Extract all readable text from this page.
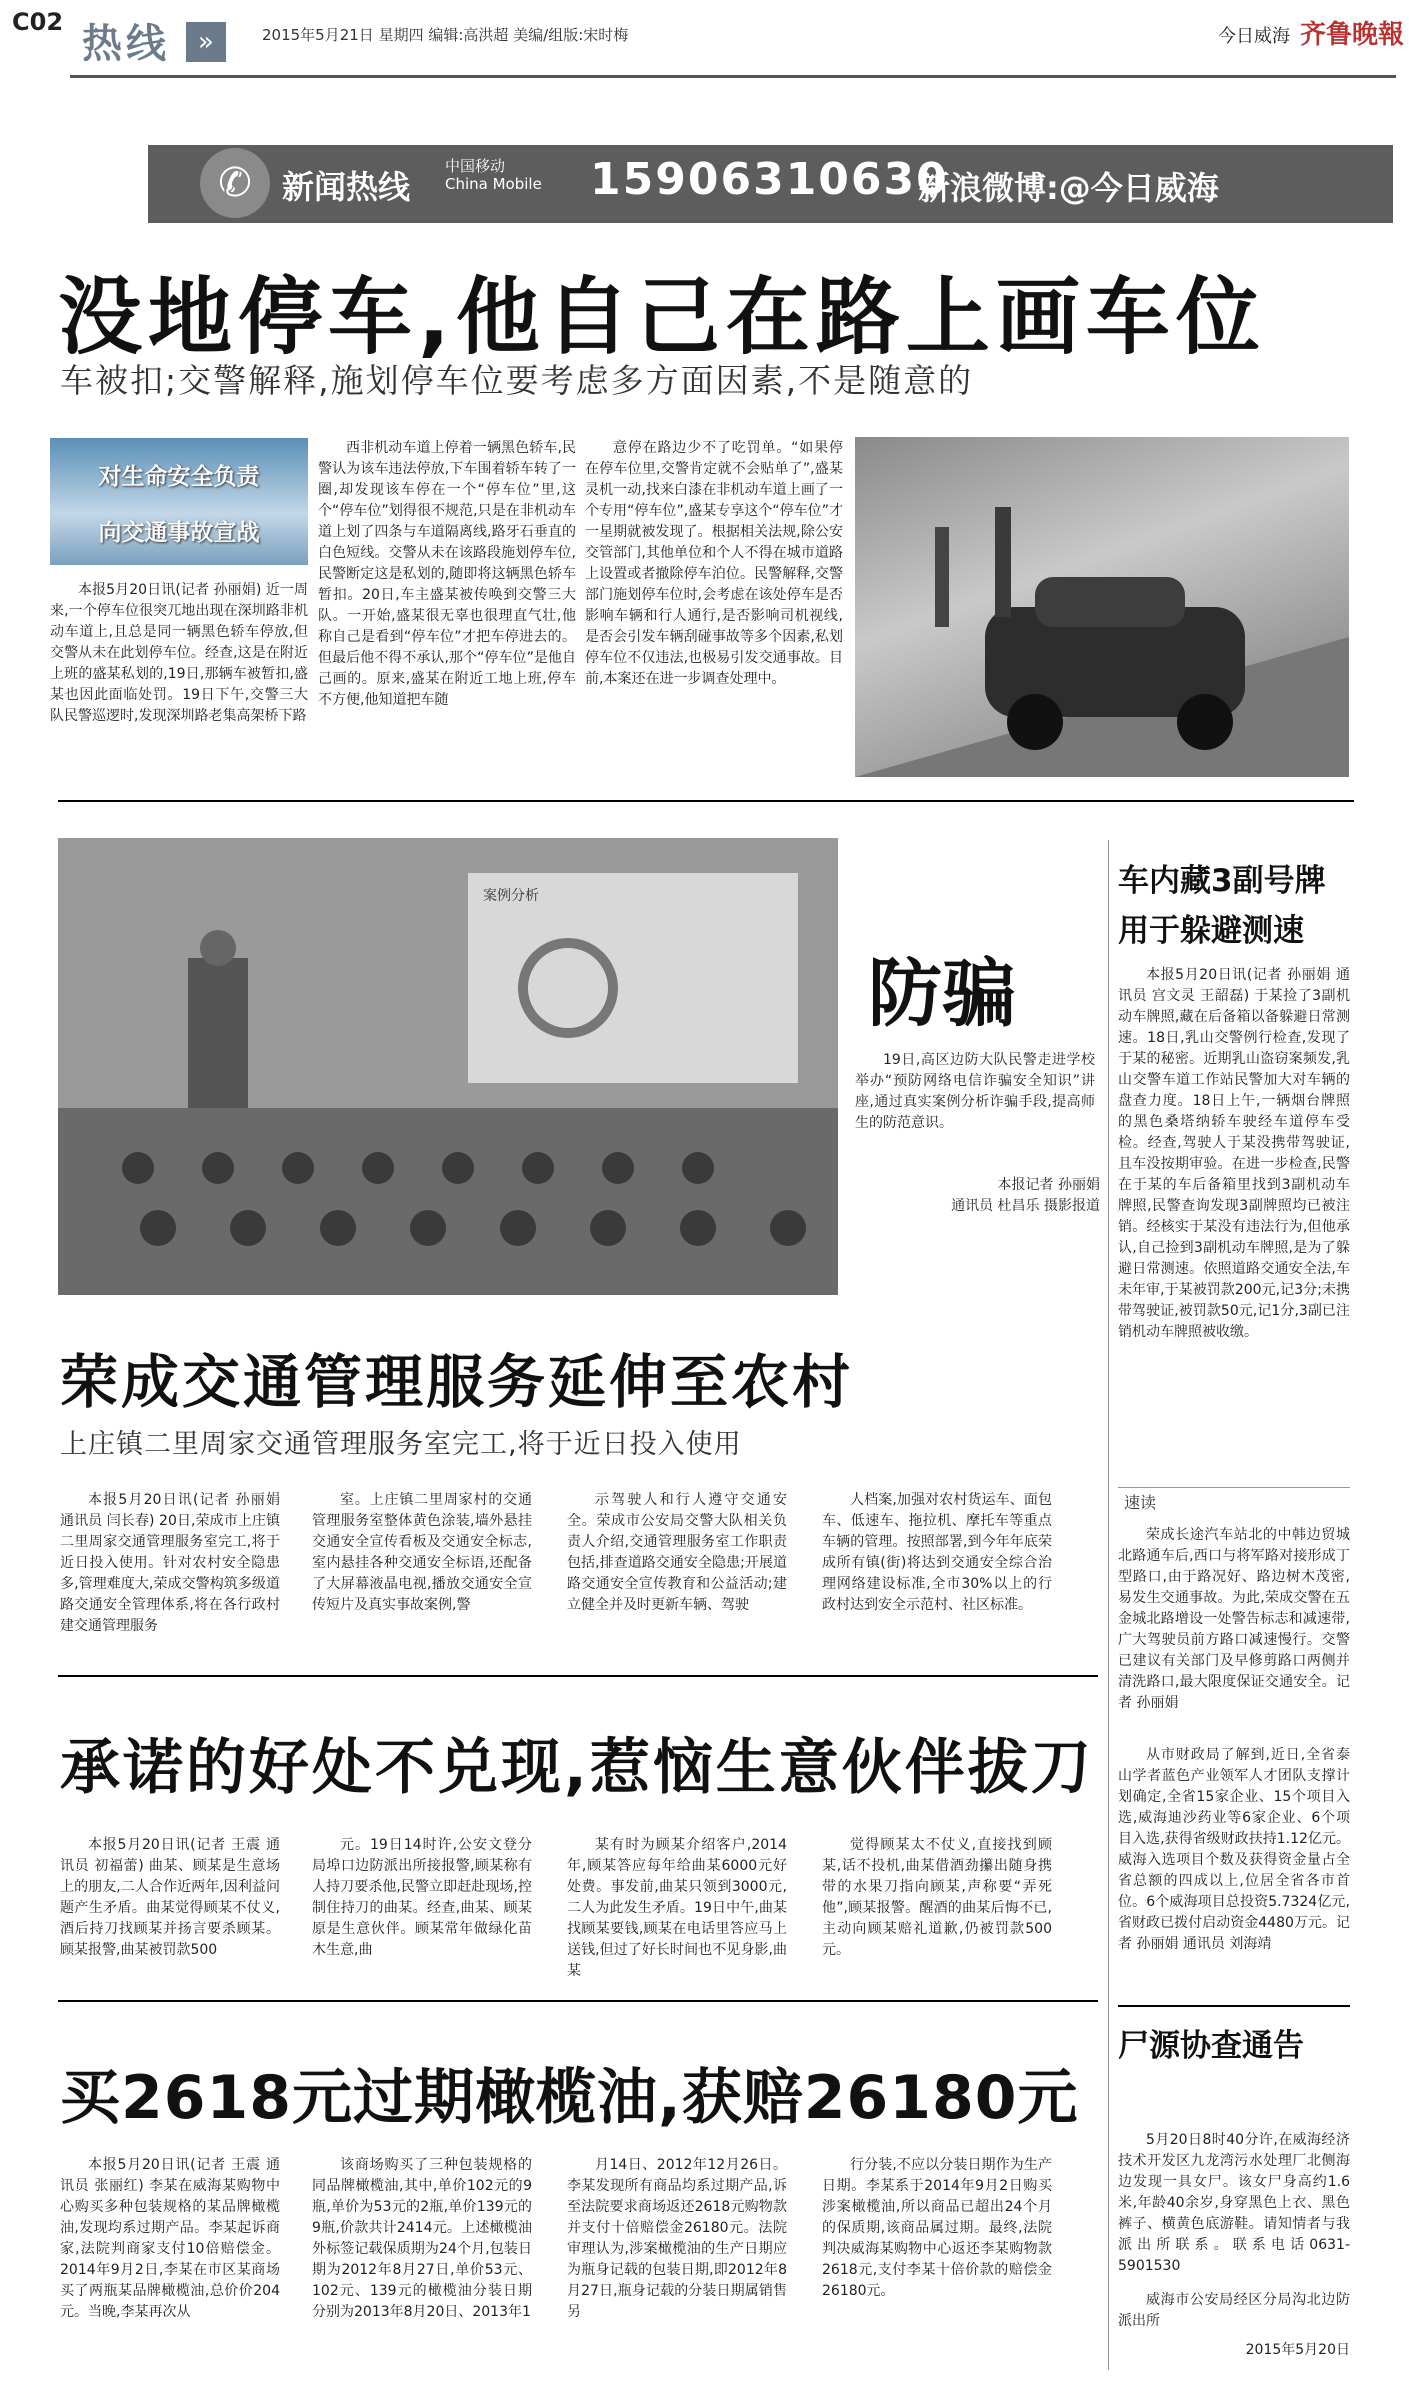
C02 热线	»	2015年5月21日 星期四 编辑:高洪超 美编/组版:宋时梅	今日威海 齐鲁晚報
✆ 新闻热线
中国移动
China Mobile 15906310630
新浪微博:@今日威海
没地停车,他自己在路上画车位
车被扣;交警解释,施划停车位要考虑多方面因素,不是随意的
对生命安全负责
向交通事故宣战

本报5月20日讯(记者 孙丽娟) 近一周来,一个停车位很突兀地出现在深圳路非机动车道上,且总是同一辆黑色轿车停放,但交警从未在此划停车位。经查,这是在附近上班的盛某私划的,19日,那辆车被暂扣,盛某也因此面临处罚。19日下午,交警三大队民警巡逻时,发现深圳路老集高架桥下路

西非机动车道上停着一辆黑色轿车,民警认为该车违法停放,下车围着轿车转了一圈,却发现该车停在一个“停车位”里,这个“停车位”划得很不规范,只是在非机动车道上划了四条与车道隔离线,路牙石垂直的白色短线。交警从未在该路段施划停车位,民警断定这是私划的,随即将这辆黑色轿车暂扣。20日,车主盛某被传唤到交警三大队。一开始,盛某很无辜也很理直气壮,他称自己是看到“停车位”才把车停进去的。但最后他不得不承认,那个“停车位”是他自己画的。原来,盛某在附近工地上班,停车不方便,他知道把车随

意停在路边少不了吃罚单。“如果停在停车位里,交警肯定就不会贴单了”,盛某灵机一动,找来白漆在非机动车道上画了一个专用“停车位”,盛某专享这个“停车位”才一星期就被发现了。根据相关法规,除公安交管部门,其他单位和个人不得在城市道路上设置或者撤除停车泊位。民警解释,交警部门施划停车位时,会考虑在该处停车是否影响车辆和行人通行,是否影响司机视线,是否会引发车辆刮碰事故等多个因素,私划停车位不仅违法,也极易引发交通事故。目前,本案还在进一步调查处理中。

案例分析
防骗

19日,高区边防大队民警走进学校举办“预防网络电信诈骗安全知识”讲座,通过真实案例分析诈骗手段,提高师生的防范意识。

本报记者 孙丽娟
通讯员 杜昌乐 摄影报道
荣成交通管理服务延伸至农村
上庄镇二里周家交通管理服务室完工,将于近日投入使用

本报5月20日讯(记者 孙丽娟 通讯员 闫长春) 20日,荣成市上庄镇二里周家交通管理服务室完工,将于近日投入使用。针对农村安全隐患多,管理难度大,荣成交警构筑多级道路交通安全管理体系,将在各行政村建交通管理服务

室。上庄镇二里周家村的交通管理服务室整体黄色涂装,墙外悬挂交通安全宣传看板及交通安全标志,室内悬挂各种交通安全标语,还配备了大屏幕液晶电视,播放交通安全宣传短片及真实事故案例,警

示驾驶人和行人遵守交通安全。荣成市公安局交警大队相关负责人介绍,交通管理服务室工作职责包括,排查道路交通安全隐患;开展道路交通安全宣传教育和公益活动;建立健全并及时更新车辆、驾驶

人档案,加强对农村货运车、面包车、低速车、拖拉机、摩托车等重点车辆的管理。按照部署,到今年年底荣成所有镇(街)将达到交通安全综合治理网络建设标准,全市30%以上的行政村达到安全示范村、社区标准。

承诺的好处不兑现,惹恼生意伙伴拔刀

本报5月20日讯(记者 王震 通讯员 初福蕾) 曲某、顾某是生意场上的朋友,二人合作近两年,因利益问题产生矛盾。曲某觉得顾某不仗义,酒后持刀找顾某并扬言要杀顾某。顾某报警,曲某被罚款500

元。19日14时许,公安文登分局埠口边防派出所接报警,顾某称有人持刀要杀他,民警立即赶赴现场,控制住持刀的曲某。经查,曲某、顾某原是生意伙伴。顾某常年做绿化苗木生意,曲

某有时为顾某介绍客户,2014年,顾某答应每年给曲某6000元好处费。事发前,曲某只领到3000元,二人为此发生矛盾。19日中午,曲某找顾某要钱,顾某在电话里答应马上送钱,但过了好长时间也不见身影,曲某

觉得顾某太不仗义,直接找到顾某,话不投机,曲某借酒劲攥出随身携带的水果刀指向顾某,声称要“弄死他”,顾某报警。醒酒的曲某后悔不已,主动向顾某赔礼道歉,仍被罚款500元。

买2618元过期橄榄油,获赔26180元

本报5月20日讯(记者 王震 通讯员 张丽红) 李某在威海某购物中心购买多种包装规格的某品牌橄榄油,发现均系过期产品。李某起诉商家,法院判商家支付10倍赔偿金。2014年9月2日,李某在市区某商场买了两瓶某品牌橄榄油,总价价204元。当晚,李某再次从

该商场购买了三种包装规格的同品牌橄榄油,其中,单价102元的9瓶,单价为53元的2瓶,单价139元的9瓶,价款共计2414元。上述橄榄油外标签记载保质期为24个月,包装日期为2012年8月27日,单价53元、102元、139元的橄榄油分装日期分别为2013年8月20日、2013年1

月14日、2012年12月26日。李某发现所有商品均系过期产品,诉至法院要求商场返还2618元购物款并支付十倍赔偿金26180元。法院审理认为,涉案橄榄油的生产日期应为瓶身记载的包装日期,即2012年8月27日,瓶身记载的分装日期属销售另

行分装,不应以分装日期作为生产日期。李某系于2014年9月2日购买涉案橄榄油,所以商品已超出24个月的保质期,该商品属过期。最终,法院判决威海某购物中心返还李某购物款2618元,支付李某十倍价款的赔偿金26180元。

车内藏3副号牌
用于躲避测速

本报5月20日讯(记者 孙丽娟 通讯员 宫文灵 王韶磊) 于某捡了3副机动车牌照,藏在后备箱以备躲避日常测速。18日,乳山交警例行检查,发现了于某的秘密。近期乳山盗窃案频发,乳山交警车道工作站民警加大对车辆的盘查力度。18日上午,一辆烟台牌照的黑色桑塔纳轿车驶经车道停车受检。经查,驾驶人于某没携带驾驶证,且车没按期审验。在进一步检查,民警在于某的车后备箱里找到3副机动车牌照,民警查询发现3副牌照均已被注销。经核实于某没有违法行为,但他承认,自己捡到3副机动车牌照,是为了躲避日常测速。依照道路交通安全法,车未年审,于某被罚款200元,记3分;未携带驾驶证,被罚款50元,记1分,3副已注销机动车牌照被收缴。

速读

荣成长途汽车站北的中韩边贸城北路通车后,西口与将军路对接形成丁型路口,由于路况好、路边树木茂密,易发生交通事故。为此,荣成交警在五金城北路增设一处警告标志和减速带,广大驾驶员前方路口减速慢行。交警已建议有关部门及早修剪路口两侧并清洗路口,最大限度保证交通安全。记者 孙丽娟

从市财政局了解到,近日,全省泰山学者蓝色产业领军人才团队支撑计划确定,全省15家企业、15个项目入选,威海迪沙药业等6家企业、6个项目入选,获得省级财政扶持1.12亿元。威海入选项目个数及获得资金量占全省总额的四成以上,位居全省各市首位。6个威海项目总投资5.7324亿元,省财政已拨付启动资金4480万元。记者 孙丽娟 通讯员 刘海靖

尸源协查通告

5月20日8时40分许,在威海经济技术开发区九龙湾污水处理厂北侧海边发现一具女尸。该女尸身高约1.6米,年龄40余岁,身穿黑色上衣、黑色裤子、横黄色底游鞋。请知情者与我派出所联系。联系电话0631-5901530

威海市公安局经区分局沟北边防派出所

2015年5月20日
